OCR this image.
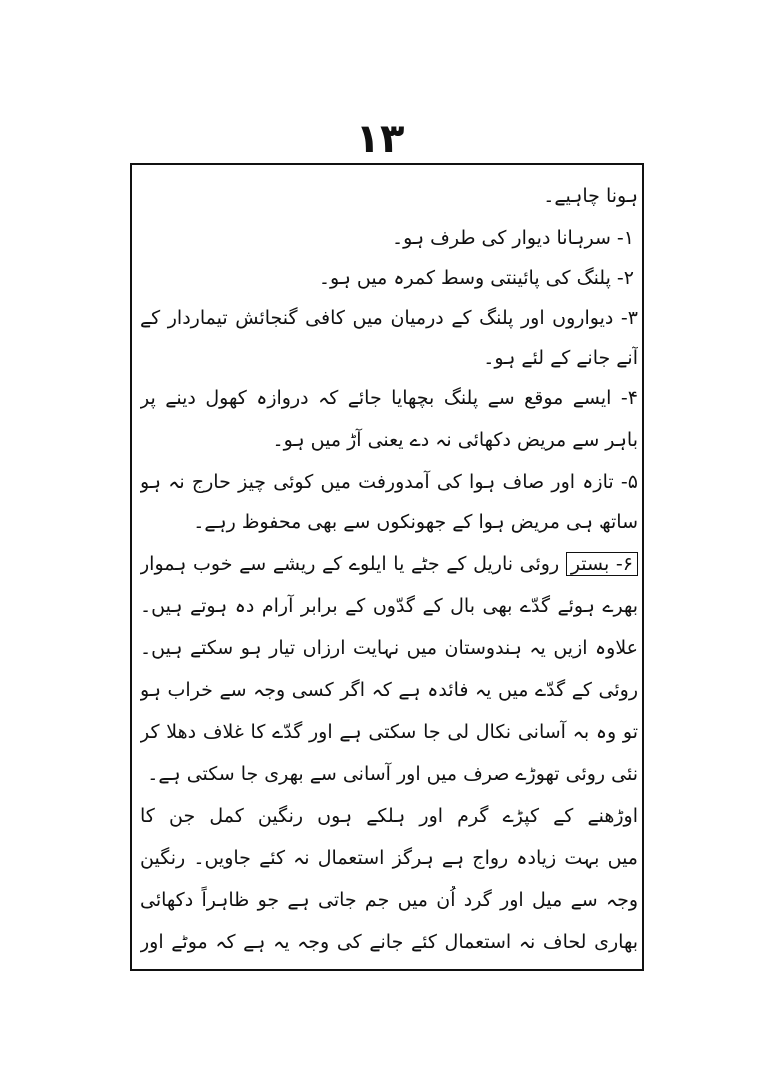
۱۳
ہونا چاہیے۔
۱- سرہانا دیوار کی طرف ہو۔
۲- پلنگ کی پائینتی وسط کمرہ میں ہو۔
۳- دیواروں اور پلنگ کے درمیان میں کافی گنجائش تیماردار کے
آنے جانے کے لئے ہو۔
۴- ایسے موقع سے پلنگ بچھایا جائے کہ دروازہ کھول دینے پر
باہر سے مریض دکھائی نہ دے یعنی آڑ میں ہو۔
۵- تازہ اور صاف ہوا کی آمدورفت میں کوئی چیز حارج نہ ہو
ساتھ ہی مریض ہوا کے جھونکوں سے بھی محفوظ رہے۔
۶- بستر روئی ناریل کے جٹے یا ایلوے کے ریشے سے خوب ہموار
بھرے ہوئے گدّے بھی بال کے گدّوں کے برابر آرام دہ ہوتے ہیں۔
علاوہ ازیں یہ ہندوستان میں نہایت ارزاں تیار ہو سکتے ہیں۔
روئی کے گدّے میں یہ فائدہ ہے کہ اگر کسی وجہ سے خراب ہو
تو وہ بہ آسانی نکال لی جا سکتی ہے اور گدّے کا غلاف دھلا کر
نئی روئی تھوڑے صرف میں اور آسانی سے بھری جا سکتی ہے۔
اوڑھنے کے کپڑے گرم اور ہلکے ہوں رنگین کمل جن کا
میں بہت زیادہ رواج ہے ہرگز استعمال نہ کئے جاویں۔ رنگین
وجہ سے میل اور گرد اُن میں جم جاتی ہے جو ظاہراً دکھائی
بھاری لحاف نہ استعمال کئے جانے کی وجہ یہ ہے کہ موٹے اور
